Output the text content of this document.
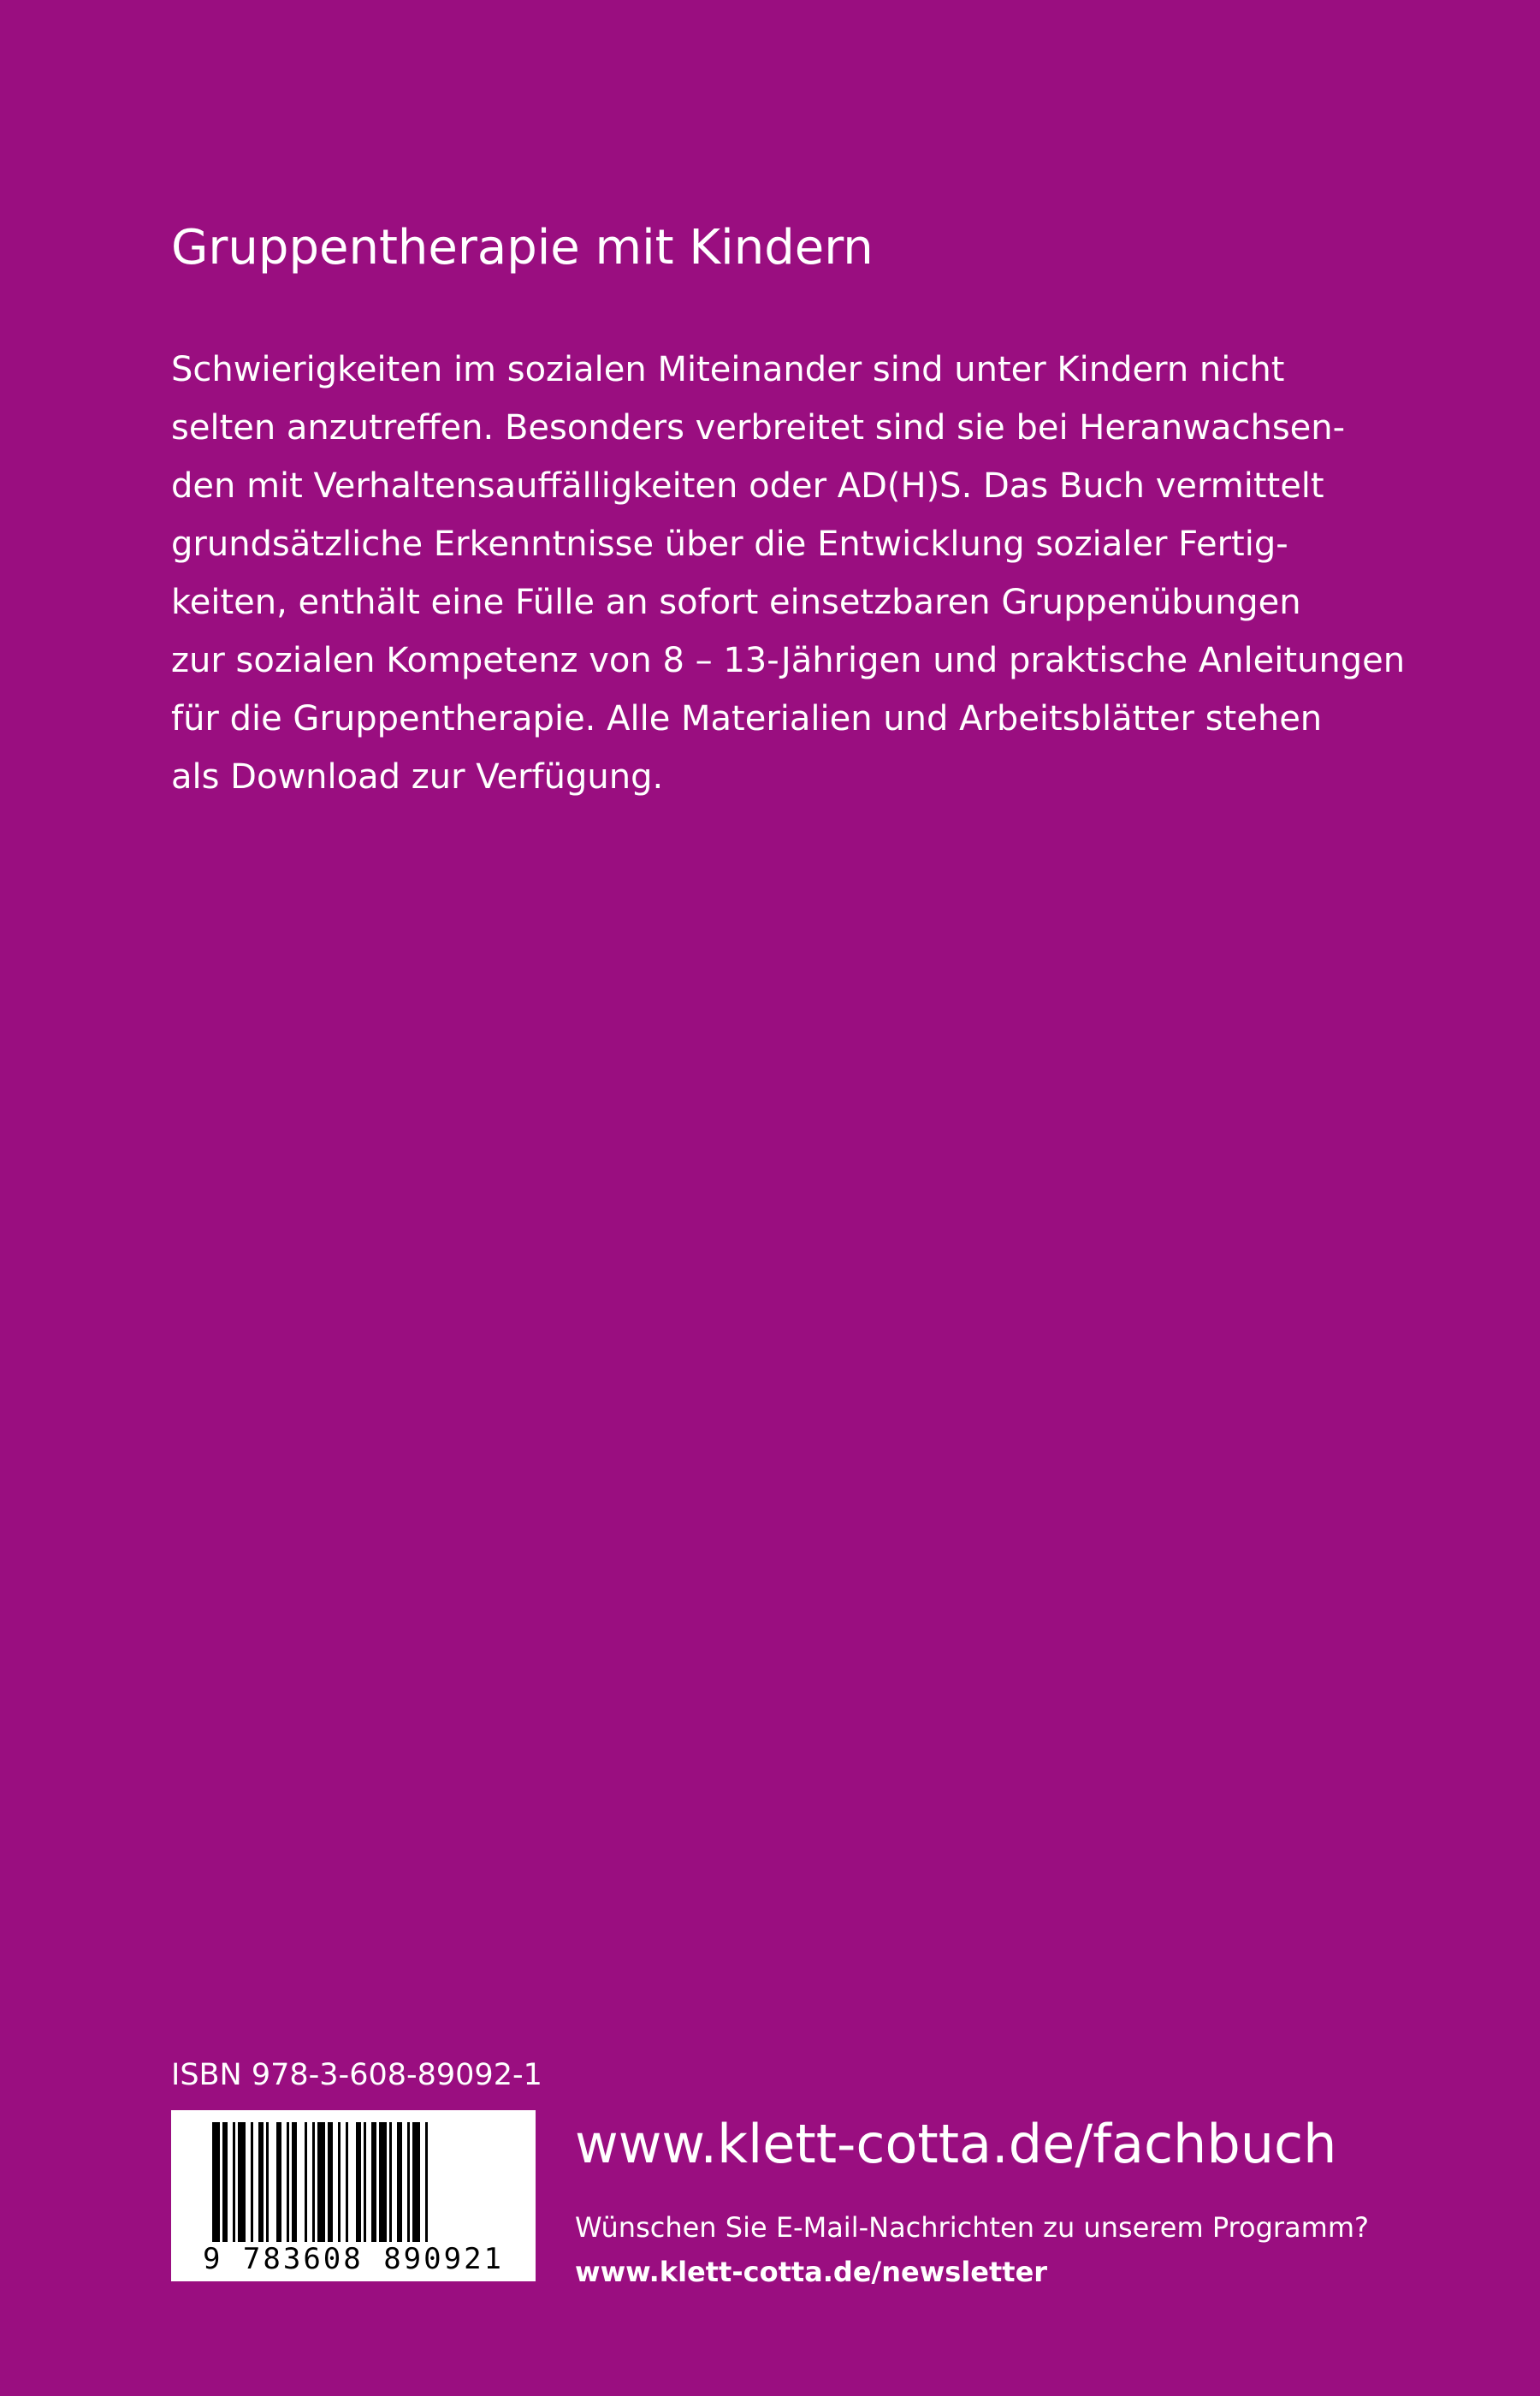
Gruppentherapie mit Kindern
Schwierigkeiten im sozialen Miteinander sind unter Kindern nicht
selten anzutreffen. Besonders verbreitet sind sie bei Heranwachsen-
den mit Verhaltensauffälligkeiten oder AD(H)S. Das Buch vermittelt
grundsätzliche Erkenntnisse über die Entwicklung sozialer Fertig-
keiten, enthält eine Fülle an sofort einsetzbaren Gruppenübungen
zur sozialen Kompetenz von 8 – 13-Jährigen und praktische Anleitungen
für die Gruppentherapie. Alle Materialien und Arbeitsblätter stehen
als Download zur Verfügung.
ISBN 978-3-608-89092-1
9 783608 890921
www.klett-cotta.de/fachbuch
Wünschen Sie E-Mail-Nachrichten zu unserem Programm?
www.klett-cotta.de/newsletter
